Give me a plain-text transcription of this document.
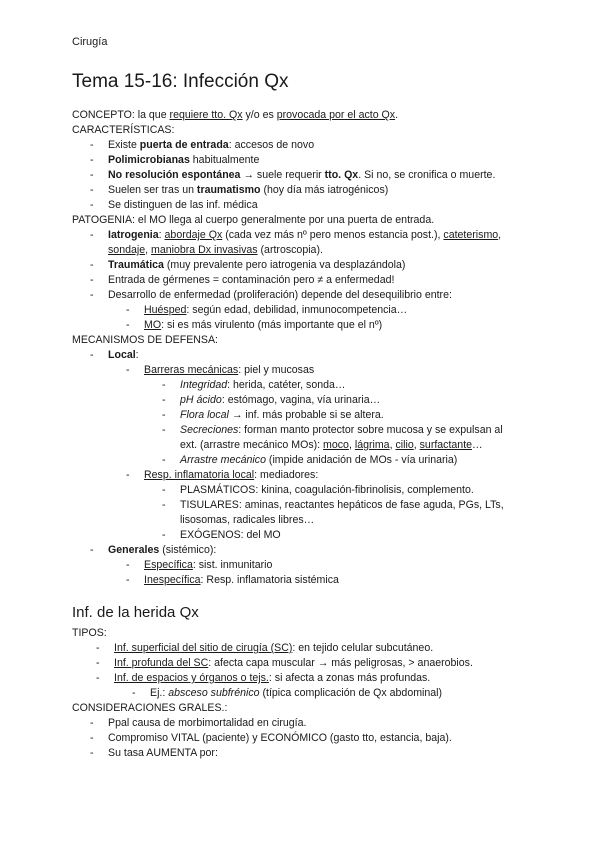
Cirugía
Tema 15-16: Infección Qx
CONCEPTO: la que requiere tto. Qx y/o es provocada por el acto Qx.
CARACTERÍSTICAS:
- Existe puerta de entrada: accesos de novo
- Polimicrobianas habitualmente
- No resolución espontánea → suele requerir tto. Qx. Si no, se cronifica o muerte.
- Suelen ser tras un traumatismo (hoy día más iatrogénicos)
- Se distinguen de las inf. médica
PATOGENIA: el MO llega al cuerpo generalmente por una puerta de entrada.
- Iatrogenia: abordaje Qx (cada vez más nº pero menos estancia post.), cateterismo,
sondaje, maniobra Dx invasivas (artroscopia).
- Traumática (muy prevalente pero iatrogenia va desplazándola)
- Entrada de gérmenes = contaminación pero ≠ a enfermedad!
- Desarrollo de enfermedad (proliferación) depende del desequilibrio entre:
- Huésped: según edad, debilidad, inmunocompetencia…
- MO: si es más virulento (más importante que el nº)
MECANISMOS DE DEFENSA:
- Local:
- Barreras mecánicas: piel y mucosas
- Integridad: herida, catéter, sonda…
- pH ácido: estómago, vagina, vía urinaria…
- Flora local → inf. más probable si se altera.
- Secreciones: forman manto protector sobre mucosa y se expulsan al
ext. (arrastre mecánico MOs): moco, lágrima, cilio, surfactante…
- Arrastre mecánico (impide anidación de MOs - vía urinaria)
- Resp. inflamatoria local: mediadores:
- PLASMÁTICOS: kinina, coagulación-fibrinolisis, complemento.
- TISULARES: aminas, reactantes hepáticos de fase aguda, PGs, LTs,
lisosomas, radicales libres…
- EXÓGENOS: del MO
- Generales (sistémico):
- Específica: sist. inmunitario
- Inespecífica: Resp. inflamatoria sistémica
Inf. de la herida Qx
TIPOS:
- Inf. superficial del sitio de cirugía (SC): en tejido celular subcutáneo.
- Inf. profunda del SC: afecta capa muscular → más peligrosas, > anaerobios.
- Inf. de espacios y órganos o tejs.: si afecta a zonas más profundas.
- Ej.: absceso subfrénico (típica complicación de Qx abdominal)
CONSIDERACIONES GRALES.:
- Ppal causa de morbimortalidad en cirugía.
- Compromiso VITAL (paciente) y ECONÓMICO (gasto tto, estancia, baja).
- Su tasa AUMENTA por:
